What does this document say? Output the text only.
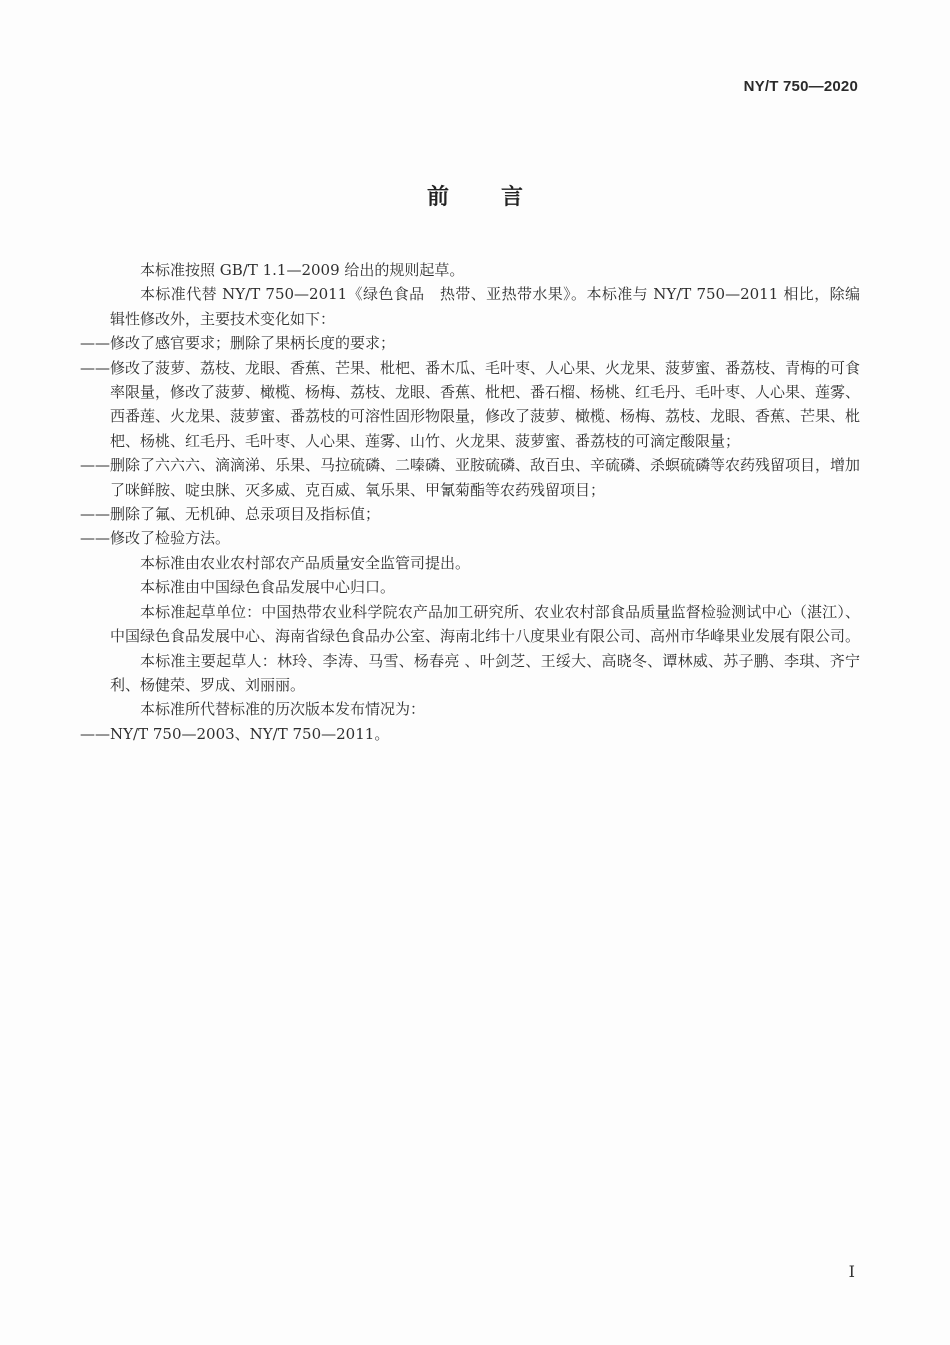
NY/T 750—2020
前言

本标准按照 GB/T 1.1—2009 给出的规则起草。

本标准代替 NY/T 750—2011《绿色食品　热带、亚热带水果》。本标准与 NY/T 750—2011 相比，除编辑性修改外，主要技术变化如下：

——修改了感官要求；删除了果柄长度的要求；

——修改了菠萝、荔枝、龙眼、香蕉、芒果、枇杷、番木瓜、毛叶枣、人心果、火龙果、菠萝蜜、番荔枝、青梅的可食率限量，修改了菠萝、橄榄、杨梅、荔枝、龙眼、香蕉、枇杷、番石榴、杨桃、红毛丹、毛叶枣、人心果、莲雾、西番莲、火龙果、菠萝蜜、番荔枝的可溶性固形物限量，修改了菠萝、橄榄、杨梅、荔枝、龙眼、香蕉、芒果、枇杷、杨桃、红毛丹、毛叶枣、人心果、莲雾、山竹、火龙果、菠萝蜜、番荔枝的可滴定酸限量；

——删除了六六六、滴滴涕、乐果、马拉硫磷、二嗪磷、亚胺硫磷、敌百虫、辛硫磷、杀螟硫磷等农药残留项目，增加了咪鲜胺、啶虫脒、灭多威、克百威、氧乐果、甲氰菊酯等农药残留项目；

——删除了氟、无机砷、总汞项目及指标值；

——修改了检验方法。

本标准由农业农村部农产品质量安全监管司提出。

本标准由中国绿色食品发展中心归口。

本标准起草单位：中国热带农业科学院农产品加工研究所、农业农村部食品质量监督检验测试中心（湛江）、中国绿色食品发展中心、海南省绿色食品办公室、海南北纬十八度果业有限公司、高州市华峰果业发展有限公司。

本标准主要起草人：林玲、李涛、马雪、杨春亮 、叶剑芝、王绥大、高晓冬、谭林威、苏子鹏、李琪、齐宁利、杨健荣、罗成、刘丽丽。

本标准所代替标准的历次版本发布情况为：

——NY/T 750—2003、NY/T 750—2011。

I
